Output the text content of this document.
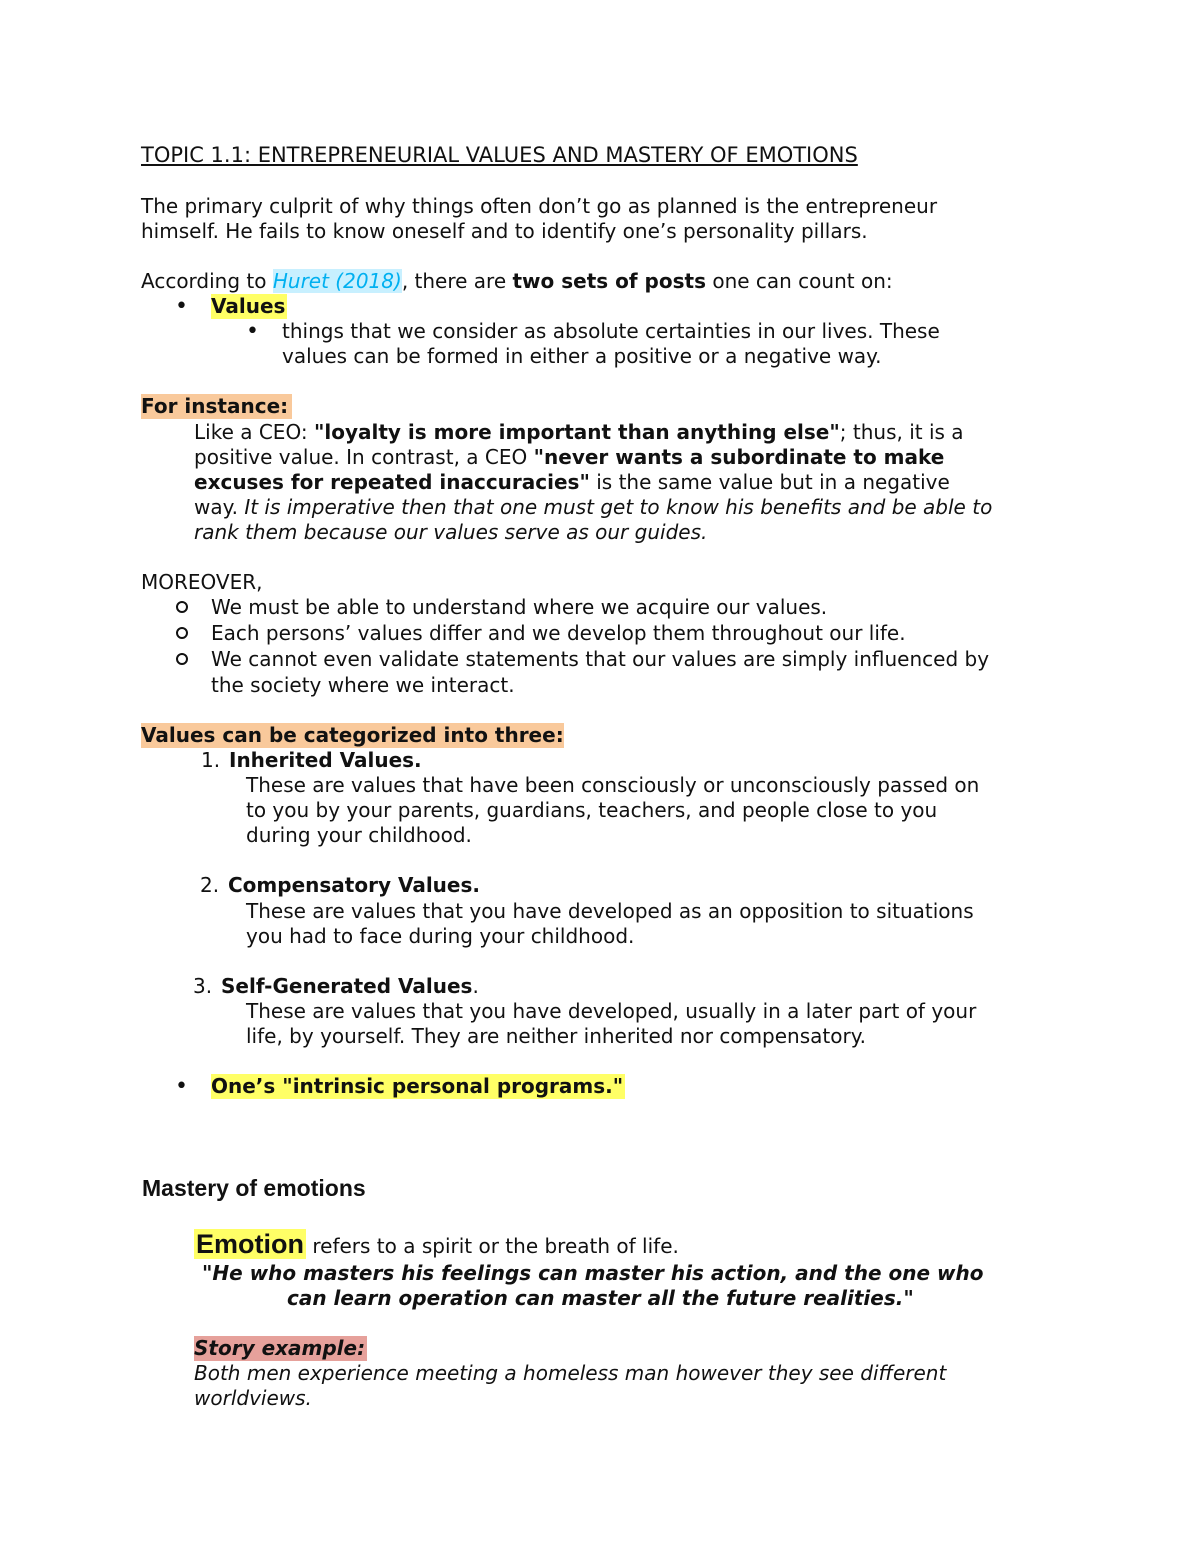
TOPIC 1.1: ENTREPRENEURIAL VALUES AND MASTERY OF EMOTIONS
The primary culprit of why things often don’t go as planned is the entrepreneur
himself. He fails to know oneself and to identify one’s personality pillars.
According to Huret (2018), there are two sets of posts one can count on:
• Values
• things that we consider as absolute certainties in our lives. These
values can be formed in either a positive or a negative way.
For instance:
Like a CEO: "loyalty is more important than anything else"; thus, it is a
positive value. In contrast, a CEO "never wants a subordinate to make
excuses for repeated inaccuracies" is the same value but in a negative
way. It is imperative then that one must get to know his benefits and be able to
rank them because our values serve as our guides.
MOREOVER,
We must be able to understand where we acquire our values.
Each persons’ values differ and we develop them throughout our life.
We cannot even validate statements that our values are simply influenced by
the society where we interact.
Values can be categorized into three:
1. Inherited Values.
These are values that have been consciously or unconsciously passed on
to you by your parents, guardians, teachers, and people close to you
during your childhood.
2. Compensatory Values.
These are values that you have developed as an opposition to situations
you had to face during your childhood.
3. Self-Generated Values.
These are values that you have developed, usually in a later part of your
life, by yourself. They are neither inherited nor compensatory.
• One’s "intrinsic personal programs."
Mastery of emotions
Emotion refers to a spirit or the breath of life.
"He who masters his feelings can master his action, and the one who
can learn operation can master all the future realities."
Story example:
Both men experience meeting a homeless man however they see different
worldviews.
